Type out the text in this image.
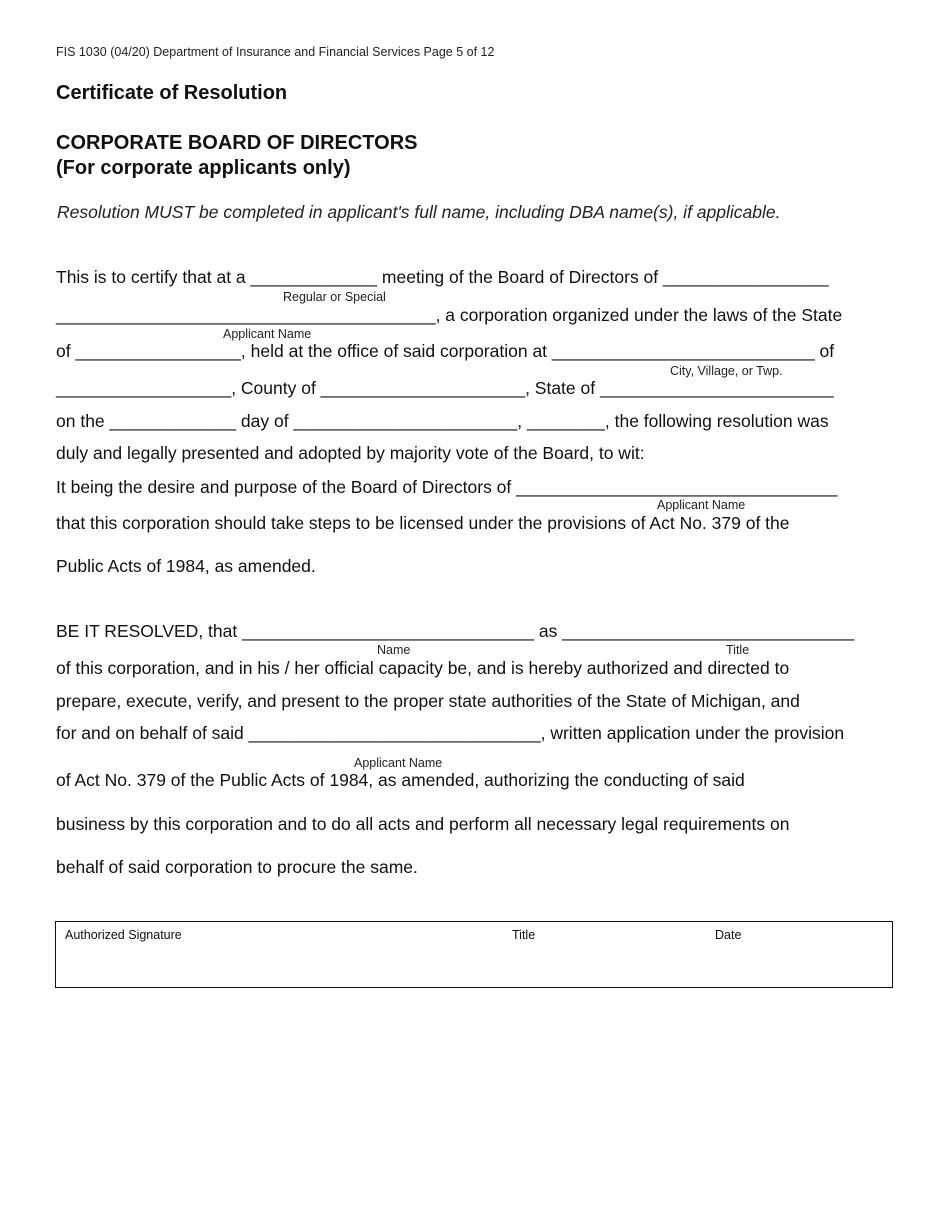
FIS 1030 (04/20) Department of Insurance and Financial Services Page 5 of 12
Certificate of Resolution
CORPORATE BOARD OF DIRECTORS
(For corporate applicants only)
Resolution MUST be completed in applicant's full name, including DBA name(s), if applicable.
This is to certify that at a _____________ meeting of the Board of Directors of _________________
Regular or Special
_______________________________________, a corporation organized under the laws of the State
Applicant Name
of _________________, held at the office of said corporation at ___________________________ of
City, Village, or Twp.
__________________, County of _____________________, State of ________________________
on the _____________ day of _______________________, ________, the following resolution was
duly and legally presented and adopted by majority vote of the Board, to wit:
It being the desire and purpose of the Board of Directors of _________________________________
Applicant Name
that this corporation should take steps to be licensed under the provisions of Act No. 379 of the
Public Acts of 1984, as amended.
BE IT RESOLVED, that ______________________________ as ______________________________
Name	Title
of this corporation, and in his / her official capacity be, and is hereby authorized and directed to
prepare, execute, verify, and present to the proper state authorities of the State of Michigan, and
for and on behalf of said ______________________________, written application under the provision
Applicant Name
of Act No. 379 of the Public Acts of 1984, as amended, authorizing the conducting of said
business by this corporation and to do all acts and perform all necessary legal requirements on
behalf of said corporation to procure the same.
Authorized Signature	Title	Date
